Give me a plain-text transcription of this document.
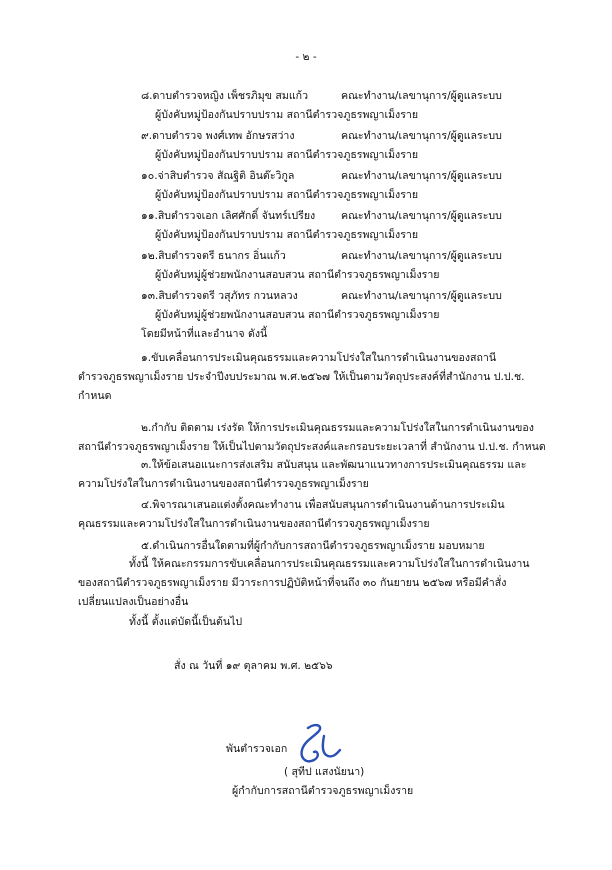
- ๒ -
๘.ดาบตำรวจหญิง เพ็ชรภิมุข สมแก้ว	คณะทำงาน/เลขานุการ/ผู้ดูแลระบบ
ผู้บังคับหมู่ป้องกันปราบปราม สถานีตำรวจภูธรพญาเม็งราย
๙.ดาบตำรวจ พงศ์เทพ อักษรสว่าง	คณะทำงาน/เลขานุการ/ผู้ดูแลระบบ
ผู้บังคับหมู่ป้องกันปราบปราม สถานีตำรวจภูธรพญาเม็งราย
๑๐.จ่าสิบตำรวจ สัณฐิติ อินต๊ะวิกูล	คณะทำงาน/เลขานุการ/ผู้ดูแลระบบ
ผู้บังคับหมู่ป้องกันปราบปราม สถานีตำรวจภูธรพญาเม็งราย
๑๑.สิบตำรวจเอก เลิศศักดิ์ จันทร์เปรียง คณะทำงาน/เลขานุการ/ผู้ดูแลระบบ
ผู้บังคับหมู่ป้องกันปราบปราม สถานีตำรวจภูธรพญาเม็งราย
๑๒.สิบตำรวจตรี ธนากร อิ่นแก้ว	คณะทำงาน/เลขานุการ/ผู้ดูแลระบบ
ผู้บังคับหมู่ผู้ช่วยพนักงานสอบสวน สถานีตำรวจภูธรพญาเม็งราย
๑๓.สิบตำรวจตรี วสุภัทร กวนหลวง	คณะทำงาน/เลขานุการ/ผู้ดูแลระบบ
ผู้บังคับหมู่ผู้ช่วยพนักงานสอบสวน สถานีตำรวจภูธรพญาเม็งราย
โดยมีหน้าที่และอำนาจ ดังนี้
๑.ขับเคลื่อนการประเมินคุณธรรมและความโปร่งใสในการดำเนินงานของสถานี
ตำรวจภูธรพญาเม็งราย ประจำปีงบประมาณ พ.ศ.๒๕๖๗ ให้เป็นตามวัตถุประสงค์ที่สำนักงาน ป.ป.ช.
กำหนด
๒.กำกับ ติดตาม เร่งรัด ให้การประเมินคุณธรรมและความโปร่งใสในการดำเนินงานของ
สถานีตำรวจภูธรพญาเม็งราย ให้เป็นไปตามวัตถุประสงค์และกรอบระยะเวลาที่ สำนักงาน ป.ป.ช. กำหนด
๓.ให้ข้อเสนอแนะการส่งเสริม สนับสนุน และพัฒนาแนวทางการประเมินคุณธรรม และ
ความโปร่งใสในการดำเนินงานของสถานีตำรวจภูธรพญาเม็งราย
๔.พิจารณาเสนอแต่งตั้งคณะทำงาน เพื่อสนับสนุนการดำเนินงานด้านการประเมิน
คุณธรรมและความโปร่งใสในการดำเนินงานของสถานีตำรวจภูธรพญาเม็งราย
๕.ดำเนินการอื่นใดตามที่ผู้กำกับการสถานีตำรวจภูธรพญาเม็งราย มอบหมาย
ทั้งนี้ ให้คณะกรรมการขับเคลื่อนการประเมินคุณธรรมและความโปร่งใสในการดำเนินงาน
ของสถานีตำรวจภูธรพญาเม็งราย มีวาระการปฏิบัติหน้าที่จนถึง ๓๐ กันยายน ๒๕๖๗ หรือมีคำสั่ง
เปลี่ยนแปลงเป็นอย่างอื่น
ทั้งนี้ ตั้งแต่บัดนี้เป็นต้นไป
สั่ง ณ วันที่ ๑๙ ตุลาคม พ.ศ. ๒๕๖๖
พันตำรวจเอก
( สุทีป แสงนัยนา)
ผู้กำกับการสถานีตำรวจภูธรพญาเม็งราย
